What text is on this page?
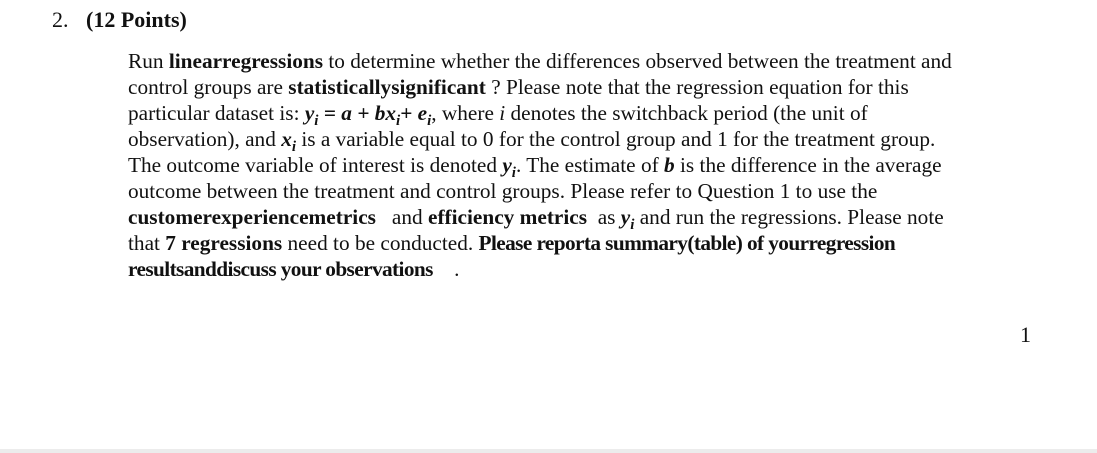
2. (12 Points)
Run linearregressions to determine whether the differences observed between the treatment and
control groups are statisticallysignificant ? Please note that the regression equation for this
particular dataset is: $y_i = a + bx_i+ e_i$, where i denotes the switchback period (the unit of
observation), and $x_i$ is a variable equal to 0 for the control group and 1 for the treatment group.
The outcome variable of interest is denoted $y_i$. The estimate of b is the difference in the average
outcome between the treatment and control groups. Please refer to Question 1 to use the
customerexperiencemetrics   and efficiency metrics  as $y_i$ and run the regressions. Please note
that 7 regressions need to be conducted. Please reporta summary(table) of yourregression
resultsanddiscuss your observations    .
1
